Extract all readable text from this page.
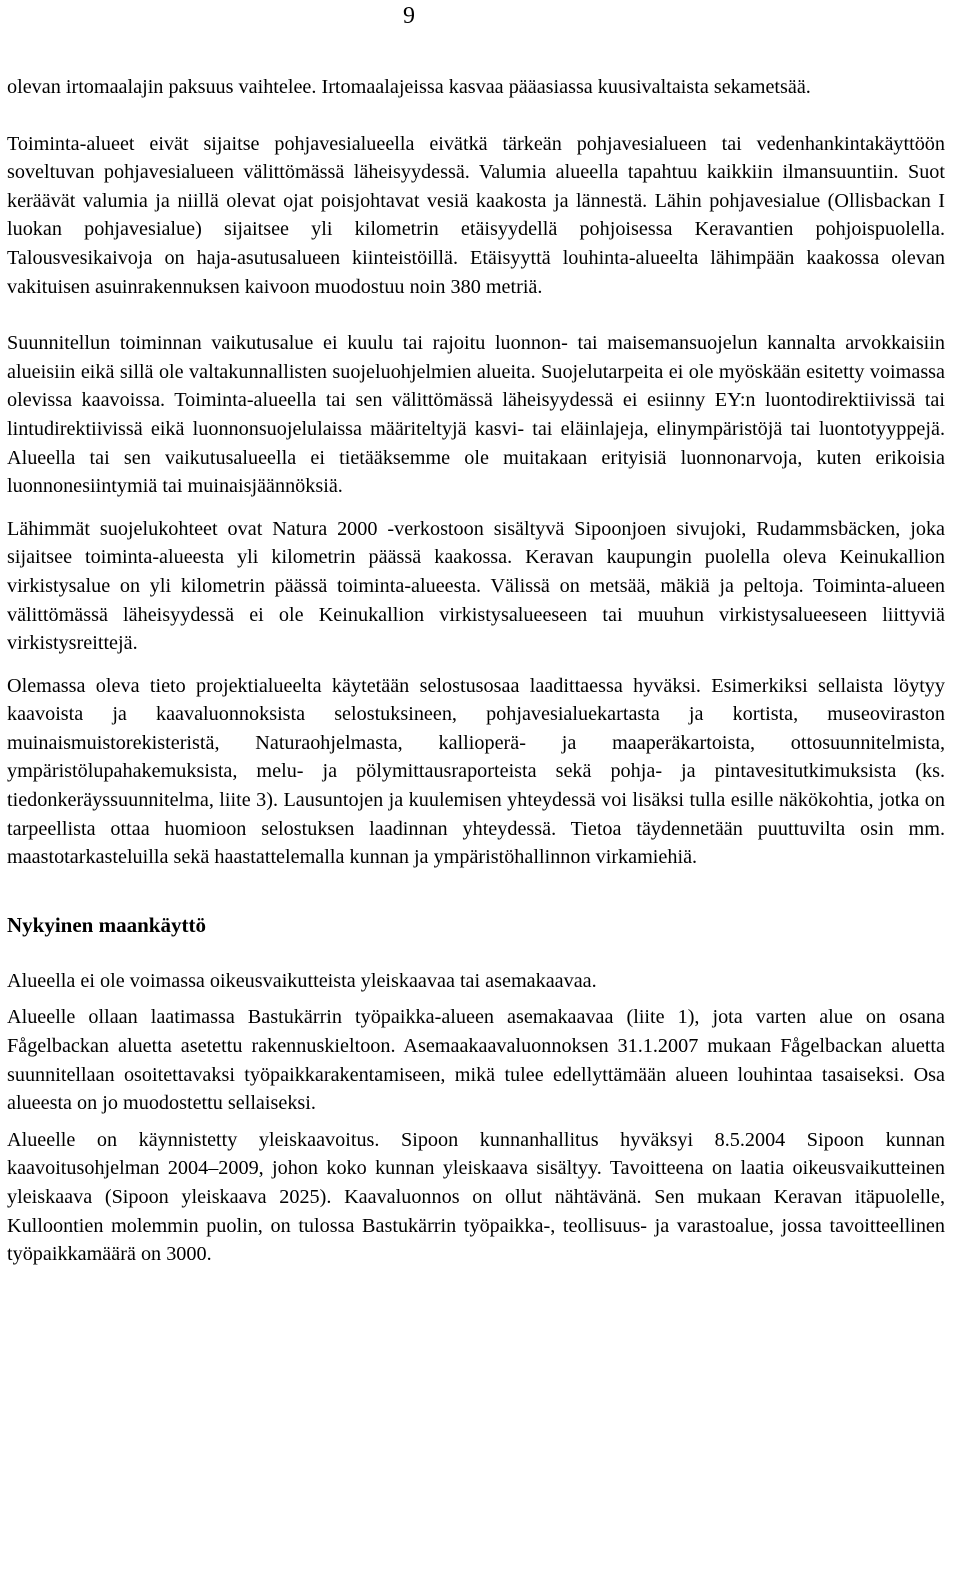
9

olevan irtomaalajin paksuus vaihtelee. Irtomaalajeissa kasvaa pääasiassa kuusivaltaista sekametsää.

Toiminta-alueet eivät sijaitse pohjavesialueella eivätkä tärkeän pohjavesialueen tai vedenhankintakäyttöön soveltuvan pohjavesialueen välittömässä läheisyydessä. Valumia alueella tapahtuu kaikkiin ilmansuuntiin. Suot keräävät valumia ja niillä olevat ojat poisjohtavat vesiä kaakosta ja lännestä. Lähin pohjavesialue (Ollisbackan I luokan pohjavesialue) sijaitsee yli kilometrin etäisyydellä pohjoisessa Keravantien pohjoispuolella. Talousvesikaivoja on haja-asutusalueen kiinteistöillä. Etäisyyttä louhinta-alueelta lähimpään kaakossa olevan vakituisen asuinrakennuksen kaivoon muodostuu noin 380 metriä.

Suunnitellun toiminnan vaikutusalue ei kuulu tai rajoitu luonnon- tai maisemansuojelun kannalta arvokkaisiin alueisiin eikä sillä ole valtakunnallisten suojeluohjelmien alueita. Suojelutarpeita ei ole myöskään esitetty voimassa olevissa kaavoissa. Toiminta-alueella tai sen välittömässä läheisyydessä ei esiinny EY:n luontodirektiivissä tai lintudirektiivissä eikä luonnonsuojelulaissa määriteltyjä kasvi- tai eläinlajeja, elinympäristöjä tai luontotyyppejä. Alueella tai sen vaikutusalueella ei tietääksemme ole muitakaan erityisiä luonnonarvoja, kuten erikoisia luonnonesiintymiä tai muinaisjäännöksiä.

Lähimmät suojelukohteet ovat Natura 2000 -verkostoon sisältyvä Sipoonjoen sivujoki, Rudammsbäcken, joka sijaitsee toiminta-alueesta yli kilometrin päässä kaakossa. Keravan kaupungin puolella oleva Keinukallion virkistysalue on yli kilometrin päässä toiminta-alueesta. Välissä on metsää, mäkiä ja peltoja. Toiminta-alueen välittömässä läheisyydessä ei ole Keinukallion virkistysalueeseen tai muuhun virkistysalueeseen liittyviä virkistysreittejä.

Olemassa oleva tieto projektialueelta käytetään selostusosaa laadittaessa hyväksi. Esimerkiksi sellaista löytyy kaavoista ja kaavaluonnoksista selostuksineen, pohjavesialuekartasta ja kortista, museoviraston muinaismuistorekisteristä, Naturaohjelmasta, kallioperä- ja maaperäkartoista, ottosuunnitelmista, ympäristölupahakemuksista, melu- ja pölymittausraporteista sekä pohja- ja pintavesitutkimuksista (ks. tiedonkeräyssuunnitelma, liite 3). Lausuntojen ja kuulemisen yhteydessä voi lisäksi tulla esille näkökohtia, jotka on tarpeellista ottaa huomioon selostuksen laadinnan yhteydessä. Tietoa täydennetään puuttuvilta osin mm. maastotarkasteluilla sekä haastattelemalla kunnan ja ympäristöhallinnon virkamiehiä.

Nykyinen maankäyttö

Alueella ei ole voimassa oikeusvaikutteista yleiskaavaa tai asemakaavaa.

Alueelle ollaan laatimassa Bastukärrin työpaikka-alueen asemakaavaa (liite 1), jota varten alue on osana Fågelbackan aluetta asetettu rakennuskieltoon. Asemaakaavaluonnoksen 31.1.2007 mukaan Fågelbackan aluetta suunnitellaan osoitettavaksi työpaikkarakentamiseen, mikä tulee edellyttämään alueen louhintaa tasaiseksi. Osa alueesta on jo muodostettu sellaiseksi.

Alueelle on käynnistetty yleiskaavoitus. Sipoon kunnanhallitus hyväksyi 8.5.2004 Sipoon kunnan kaavoitusohjelman 2004–2009, johon koko kunnan yleiskaava sisältyy. Tavoitteena on laatia oikeusvaikutteinen yleiskaava (Sipoon yleiskaava 2025). Kaavaluonnos on ollut nähtävänä. Sen mukaan Keravan itäpuolelle, Kulloontien molemmin puolin, on tulossa Bastukärrin työpaikka-, teollisuus- ja varastoalue, jossa tavoitteellinen työpaikkamäärä on 3000.
